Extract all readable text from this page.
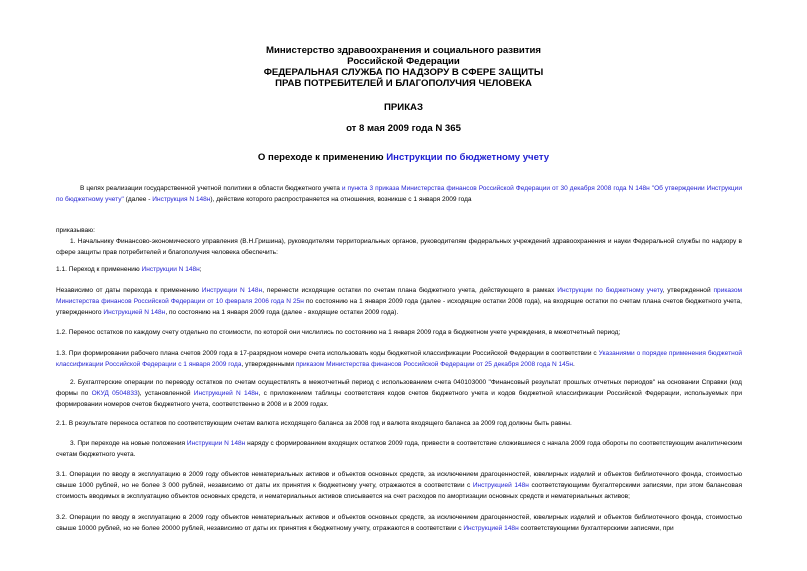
Министерство здравоохранения и социального развития
Российской Федерации
ФЕДЕРАЛЬНАЯ СЛУЖБА ПО НАДЗОРУ В СФЕРЕ ЗАЩИТЫ
ПРАВ ПОТРЕБИТЕЛЕЙ И БЛАГОПОЛУЧИЯ ЧЕЛОВЕКА
ПРИКАЗ
от 8 мая 2009 года N 365
О переходе к применению Инструкции по бюджетному учету
В целях реализации государственной учетной политики в области бюджетного учета и пункта 3 приказа Министерства финансов Российской Федерации от 30 декабря 2008 года N 148н "Об утверждении Инструкции по бюджетному учету" (далее - Инструкция N 148н), действие которого распространяется на отношения, возникше с 1 января 2009 года
приказываю:
1. Начальнику Финансово-экономического управления (В.Н.Гришина), руководителям территориальных органов, руководителям федеральных учреждений здравоохранения и науки Федеральной службы по надзору в сфере защиты прав потребителей и благополучия человека обеспечить:
1.1. Переход к применению Инструкции N 148н;
Независимо от даты перехода к применению Инструкции N 148н, перенести исходящие остатки по счетам плана бюджетного учета, действующего в рамках Инструкции по бюджетному учету, утвержденной приказом Министерства финансов Российской Федерации от 10 февраля 2006 года N 25н по состоянию на 1 января 2009 года (далее - исходящие остатки 2008 года), на входящие остатки по счетам плана счетов бюджетного учета, утвержденного Инструкцией N 148н, по состоянию на 1 января 2009 года (далее - входящие остатки 2009 года).
1.2. Перенос остатков по каждому счету отдельно по стоимости, по которой они числились по состоянию на 1 января 2009 года в бюджетном учете учреждения, в межотчетный период;
1.3. При формировании рабочего плана счетов 2009 года в 17-разрядном номере счета использовать коды бюджетной классификации Российской Федерации в соответствии с Указаниями о порядке применения бюджетной классификации Российской Федерации с 1 января 2009 года, утвержденными приказом Министерства финансов Российской Федерации от 25 декабря 2008 года N 145н.
2. Бухгалтерские операции по переводу остатков по счетам осуществлять в межотчетный период с использованием счета 040103000 "Финансовый результат прошлых отчетных периодов" на основании Справки (код формы по ОКУД 0504833), установленной Инструкцией N 148н, с приложением таблицы соответствия кодов счетов бюджетного учета и кодов бюджетной классификации Российской Федерации, используемых при формировании номеров счетов бюджетного учета, соответственно в 2008 и в 2009 годах.
2.1. В результате переноса остатков по соответствующим счетам валюта исходящего баланса за 2008 год и валюта входящего баланса за 2009 год должны быть равны.
3. При переходе на новые положения Инструкции N 148н наряду с формированием входящих остатков 2009 года, привести в соответствие сложившиеся с начала 2009 года обороты по соответствующим аналитическим счетам бюджетного учета.
3.1. Операции по вводу в эксплуатацию в 2009 году объектов нематериальных активов и объектов основных средств, за исключением драгоценностей, ювелирных изделий и объектов библиотечного фонда, стоимостью свыше 1000 рублей, но не более 3 000 рублей, независимо от даты их принятия к бюджетному учету, отражаются в соответствии с Инструкцией 148н соответствующими бухгалтерскими записями, при этом балансовая стоимость вводимых в эксплуатацию объектов основных средств, и нематериальных активов списывается на счет расходов по амортизации основных средств и нематериальных активов;
3.2. Операции по вводу в эксплуатацию в 2009 году объектов нематериальных активов и объектов основных средств, за исключением драгоценностей, ювелирных изделий и объектов библиотечного фонда, стоимостью свыше 10000 рублей, но не более 20000 рублей, независимо от даты их принятия к бюджетному учету, отражаются в соответствии с Инструкцией 148н соответствующими бухгалтерскими записями, при
